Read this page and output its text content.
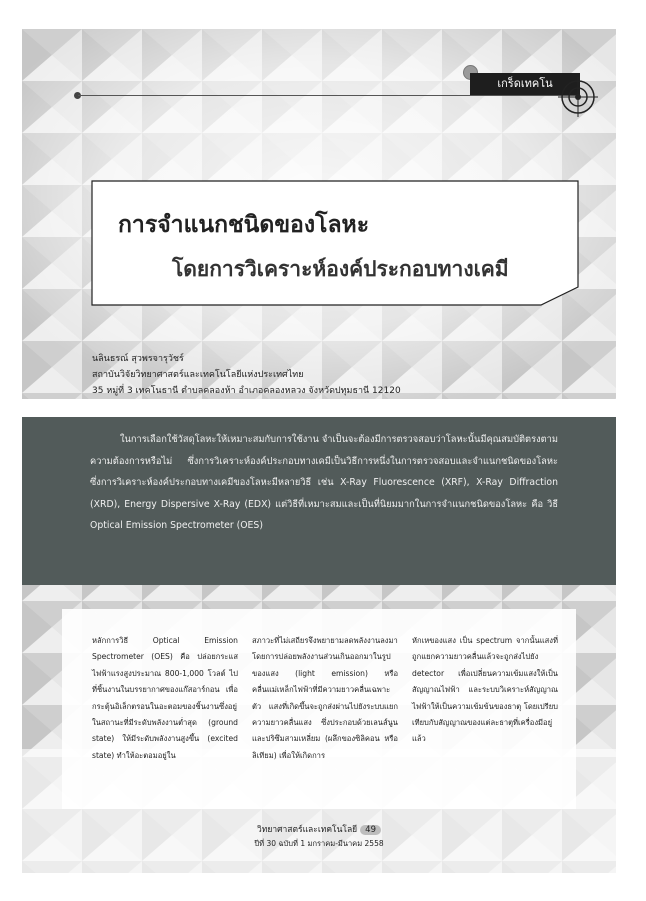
เกร็ดเทคโน
การจำแนกชนิดของโลหะ
โดยการวิเคราะห์องค์ประกอบทางเคมี
นลินธรณ์ สุวพรจารุวัชร์
สถาบันวิจัยวิทยาศาสตร์และเทคโนโลยีแห่งประเทศไทย
35 หมู่ที่ 3 เทคโนธานี ตำบลคลองห้า อำเภอคลองหลวง จังหวัดปทุมธานี 12120

ในการเลือกใช้วัสดุโลหะให้เหมาะสมกับการใช้งาน จำเป็นจะต้องมีการตรวจสอบว่าโลหะนั้นมีคุณสมบัติตรงตามความต้องการหรือไม่ ซึ่งการวิเคราะห์องค์ประกอบทางเคมีเป็นวิธีการหนึ่งในการตรวจสอบและจำแนกชนิดของโลหะ ซึ่งการวิเคราะห์องค์ประกอบทางเคมีของโลหะมีหลายวิธี เช่น X-Ray Fluorescence (XRF), X-Ray Diffraction (XRD), Energy Dispersive X-Ray (EDX) แต่วิธีที่เหมาะสมและเป็นที่นิยมมากในการจำแนกชนิดของโลหะ คือ วิธี Optical Emission Spectrometer (OES)

หลักการวิธี Optical Emission Spectrometer (OES) คือ ปล่อยกระแสไฟฟ้าแรงสูงประมาณ 800-1,000 โวลต์ ไปที่ชิ้นงานในบรรยากาศของแก๊สอาร์กอน เพื่อกระตุ้นอิเล็กตรอนในอะตอมของชิ้นงานซึ่งอยู่ในสถานะที่มีระดับพลังงานต่ำสุด (ground state) ให้มีระดับพลังงานสูงขึ้น (excited state) ทำให้อะตอมอยู่ใน
สภาวะที่ไม่เสถียรจึงพยายามลดพลังงานลงมา โดยการปล่อยพลังงานส่วนเกินออกมาในรูปของแสง (light emission) หรือคลื่นแม่เหล็กไฟฟ้าที่มีความยาวคลื่นเฉพาะตัว แสงที่เกิดขึ้นจะถูกส่งผ่านไปยังระบบแยกความยาวคลื่นแสง ซึ่งประกอบด้วยเลนส์นูน และปริซึมสามเหลี่ยม (ผลึกของซิลิคอน หรือลิเทียม) เพื่อให้เกิดการ
หักเหของแสง เป็น spectrum จากนั้นแสงที่ถูกแยกความยาวคลื่นแล้วจะถูกส่งไปยัง detector เพื่อเปลี่ยนความเข้มแสงให้เป็นสัญญาณไฟฟ้า และระบบวิเคราะห์สัญญาณไฟฟ้าให้เป็นความเข้มข้นของธาตุ โดยเปรียบเทียบกับสัญญาณของแต่ละธาตุที่เครื่องมีอยู่แล้ว
วิทยาศาสตร์และเทคโนโลยี 49
ปีที่ 30 ฉบับที่ 1 มกราคม-มีนาคม 2558
